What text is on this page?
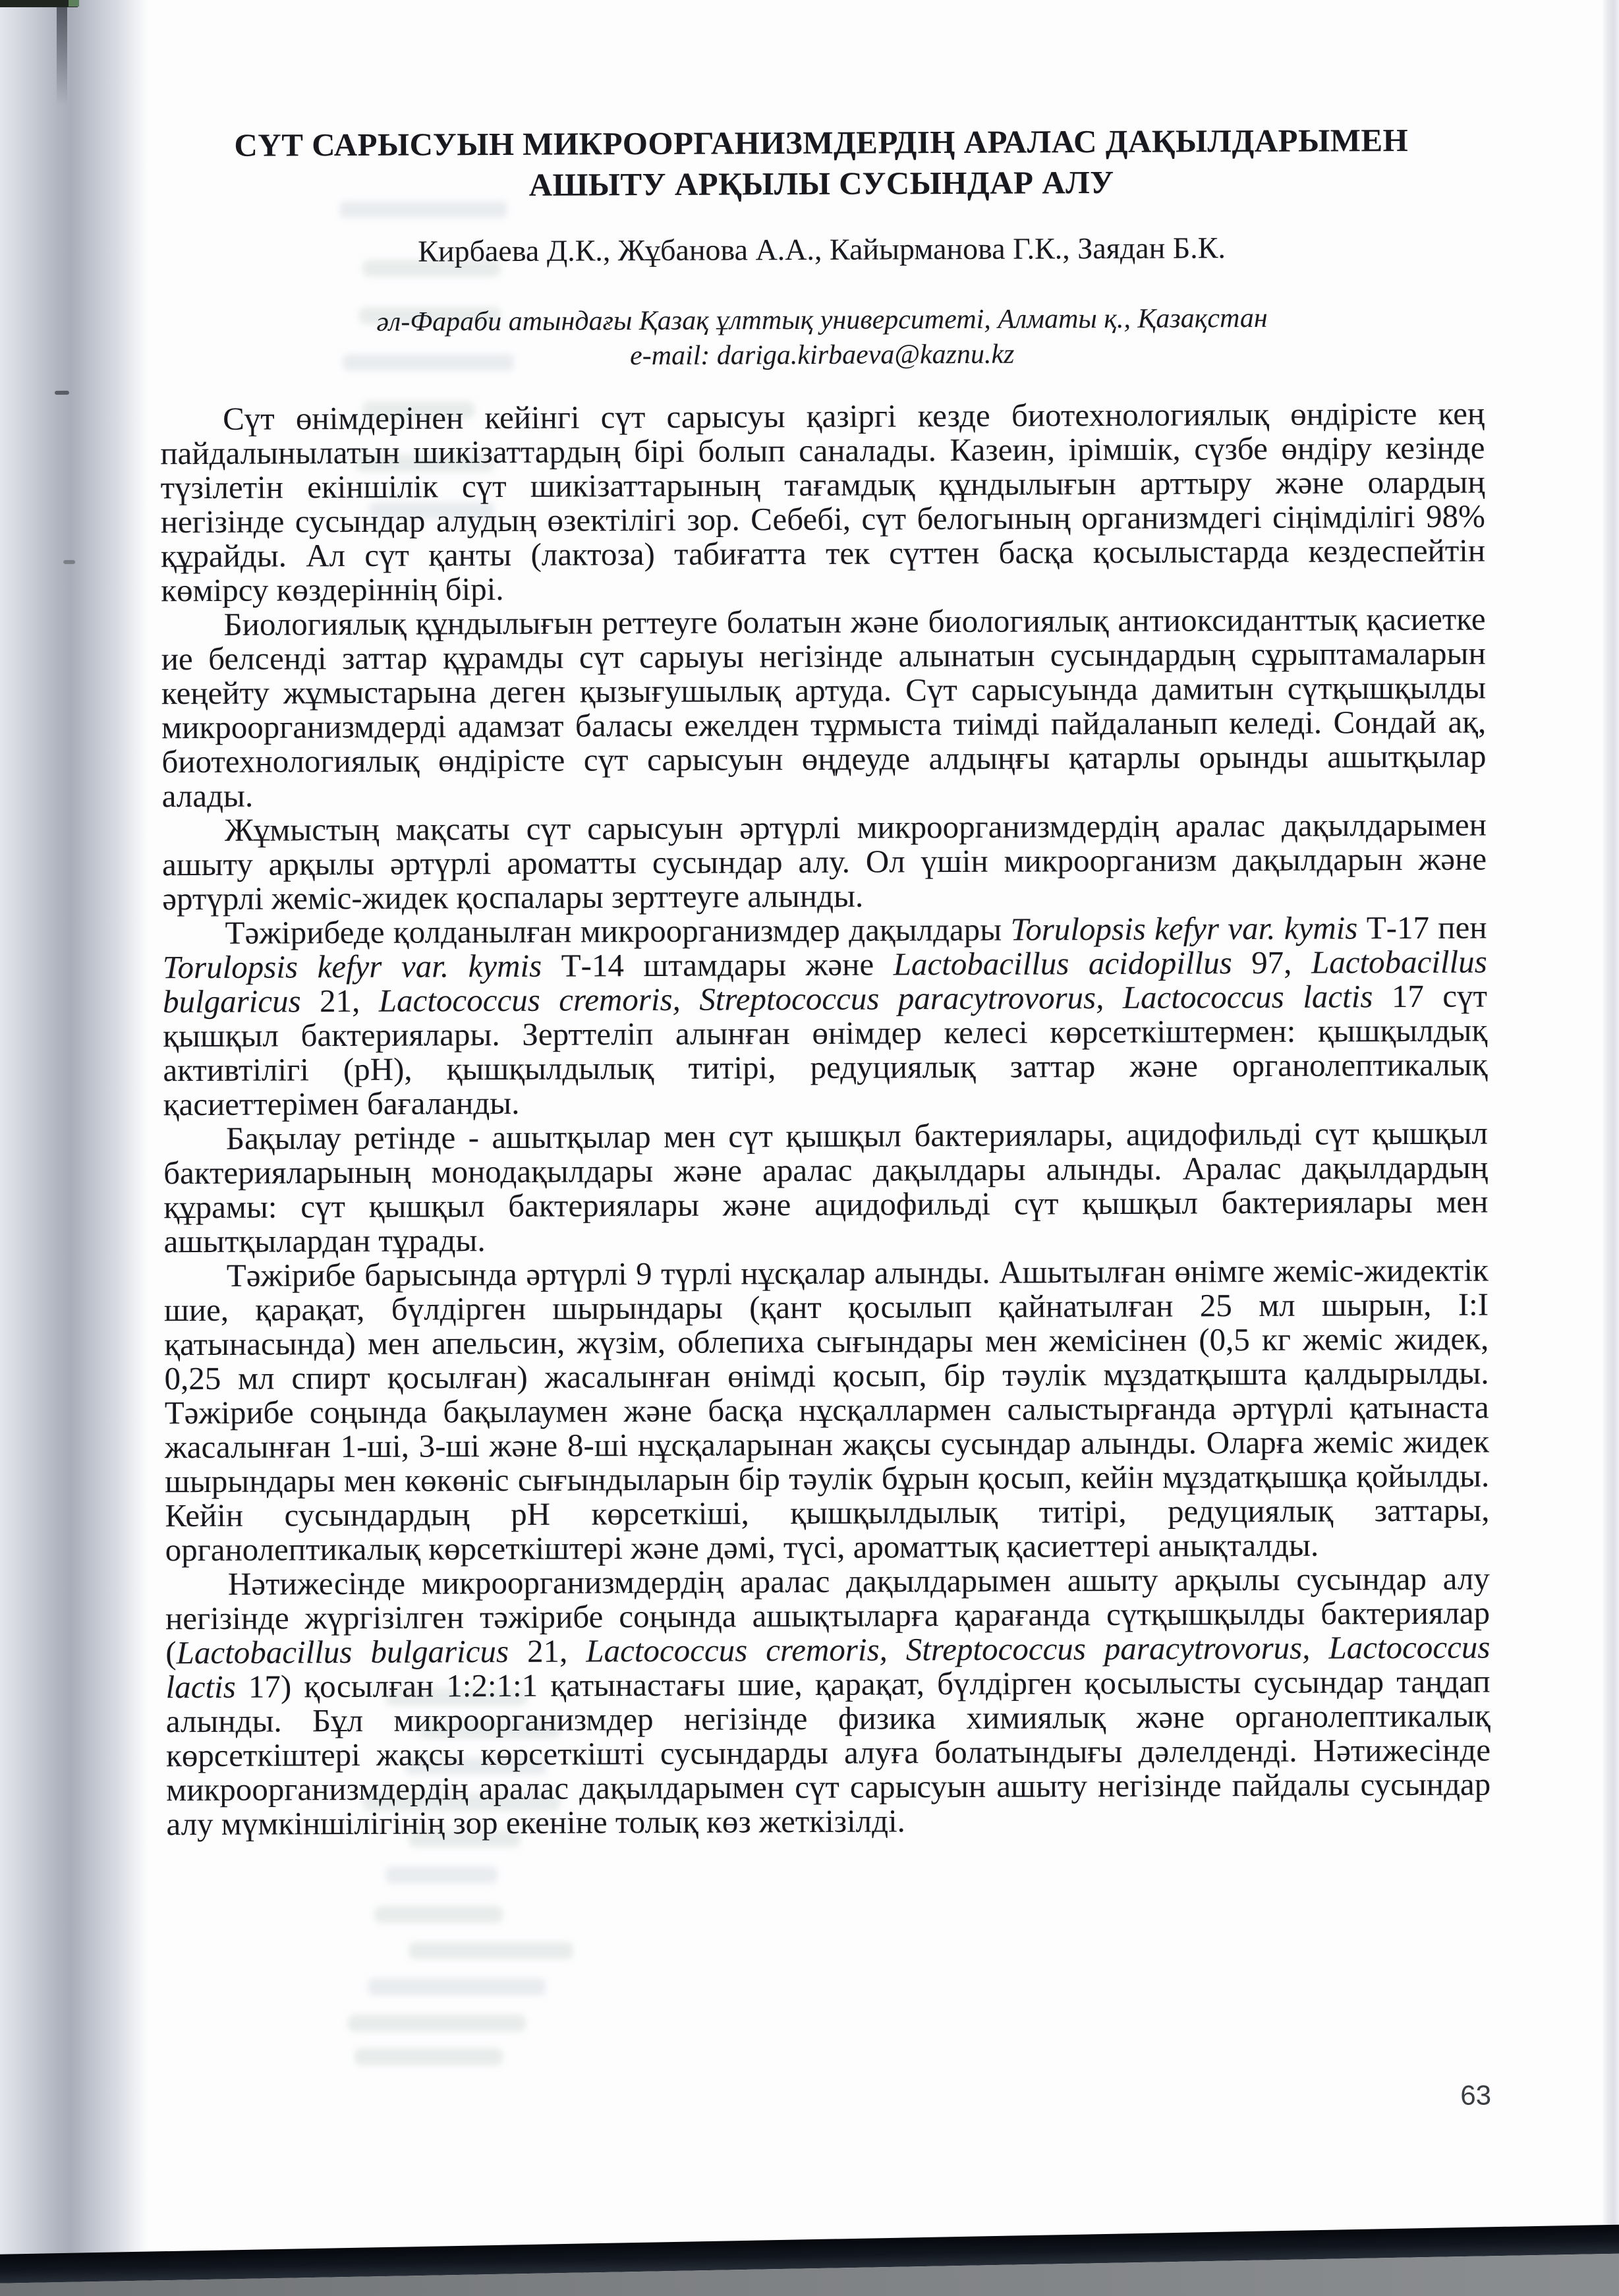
СҮТ САРЫСУЫН МИКРООРГАНИЗМДЕРДІҢ АРАЛАС ДАҚЫЛДАРЫМЕН
АШЫТУ АРҚЫЛЫ СУСЫНДАР АЛУ
Кирбаева Д.К., Жұбанова А.А., Кайырманова Г.К., Заядан Б.К.
әл-Фараби атындағы Қазақ ұлттық университеті, Алматы қ., Қазақстан
e-mail: dariga.kirbaeva@kaznu.kz

Сүт өнімдерінен кейінгі сүт сарысуы қазіргі кезде биотехнологиялық өндірісте кең пайдалынылатын шикізаттардың бірі болып саналады. Казеин, ірімшік, сүзбе өндіру кезінде түзілетін екіншілік сүт шикізаттарының тағамдық құндылығын арттыру және олардың негізінде сусындар алудың өзектілігі зор. Себебі, сүт белогының организмдегі сіңімділігі 98% құрайды. Ал сүт қанты (лактоза) табиғатта тек сүттен басқа қосылыстарда кездеспейтін көмірсу көздеріннің бірі.

Биологиялық құндылығын реттеуге болатын және биологиялық антиоксиданттық қасиетке ие белсенді заттар құрамды сүт сарыуы негізінде алынатын сусындардың сұрыптамаларын кеңейту жұмыстарына деген қызығушылық артуда. Сүт сарысуында дамитын сүтқышқылды микроорганизмдерді адамзат баласы ежелден тұрмыста тиімді пайдаланып келеді. Сондай ақ, биотехнологиялық өндірісте сүт сарысуын өңдеуде алдыңғы қатарлы орынды ашытқылар алады.

Жұмыстың мақсаты сүт сарысуын әртүрлі микроорганизмдердің аралас дақылдарымен ашыту арқылы әртүрлі ароматты сусындар алу. Ол үшін микроорганизм дақылдарын және әртүрлі жеміс-жидек қоспалары зерттеуге алынды.

Тәжірибеде қолданылған микроорганизмдер дақылдары Torulopsis kefyr var. kymis Т-17 пен Torulopsis kefyr var. kymis Т-14 штамдары және Lactobacillus acidopillus 97, Lactobacillus bulgaricus 21, Lactococcus cremoris, Streptococcus paracytrovorus, Lactococcus lactis 17 сүт қышқыл бактериялары. Зерттеліп алынған өнімдер келесі көрсеткіштермен: қышқылдық активтілігі (рН), қышқылдылық титірі, редуциялық заттар және органолептикалық қасиеттерімен бағаланды.

Бақылау ретінде - ашытқылар мен сүт қышқыл бактериялары, ацидофильді сүт қышқыл бактерияларының монодақылдары және аралас дақылдары алынды. Аралас дақылдардың құрамы: сүт қышқыл бактериялары және ацидофильді сүт қышқыл бактериялары мен ашытқылардан тұрады.

Тәжірибе барысында әртүрлі 9 түрлі нұсқалар алынды. Ашытылған өнімге жеміс-жидектік шие, қарақат, бүлдірген шырындары (қант қосылып қайнатылған 25 мл шырын, І:І қатынасында) мен апельсин, жүзім, облепиха сығындары мен жемісінен (0,5 кг жеміс жидек, 0,25 мл спирт қосылған) жасалынған өнімді қосып, бір тәулік мұздатқышта қалдырылды. Тәжірибе соңында бақылаумен және басқа нұсқаллармен салыстырғанда әртүрлі қатынаста жасалынған 1-ші, 3-ші және 8-ші нұсқаларынан жақсы сусындар алынды. Оларға жеміс жидек шырындары мен көкөніс сығындыларын бір тәулік бұрын қосып, кейін мұздатқышқа қойылды. Кейін сусындардың рН көрсеткіші, қышқылдылық титірі, редуциялық заттары, органолептикалық көрсеткіштері және дәмі, түсі, ароматтық қасиеттері анықталды.

Нәтижесінде микроорганизмдердің аралас дақылдарымен ашыту арқылы сусындар алу негізінде жүргізілген тәжірибе соңында ашықтыларға қарағанда сүтқышқылды бактериялар (Lactobacillus bulgaricus 21, Lactococcus cremoris, Streptococcus paracytrovorus, Lactococcus lactis 17) қосылған 1:2:1:1 қатынастағы шие, қарақат, бүлдірген қосылысты сусындар таңдап алынды. Бұл микроорганизмдер негізінде физика химиялық және органолептикалық көрсеткіштері жақсы көрсеткішті сусындарды алуға болатындығы дәлелденді. Нәтижесінде микроорганизмдердің аралас дақылдарымен сүт сарысуын ашыту негізінде пайдалы сусындар алу мүмкіншілігінің зор екеніне толық көз жеткізілді.

63
